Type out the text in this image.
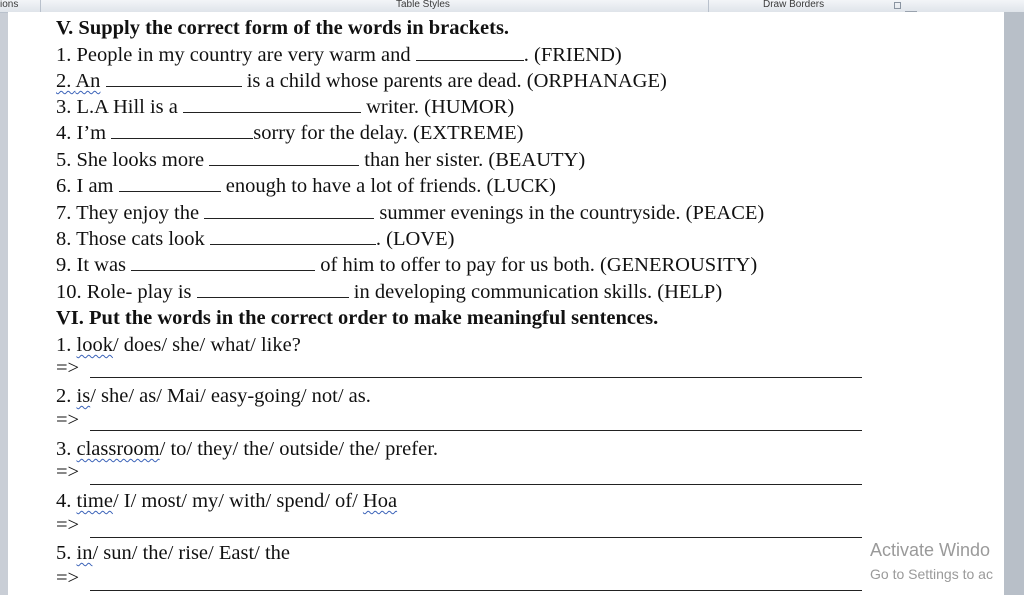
ions	Table Styles	Draw Borders
V. Supply the correct form of the words in brackets.
1. People in my country are very warm and	. (FRIEND)
2. An	is a child whose parents are dead. (ORPHANAGE)
3. L.A Hill is a	writer. (HUMOR)
4. I’m	sorry for the delay. (EXTREME)
5. She looks more	than her sister. (BEAUTY)
6. I am	enough to have a lot of friends. (LUCK)
7. They enjoy the	summer evenings in the countryside. (PEACE)
8. Those cats look	. (LOVE)
9. It was	of him to offer to pay for us both. (GENEROUSITY)
10. Role- play is	in developing communication skills. (HELP)
VI. Put the words in the correct order to make meaningful sentences.
1. look/ does/ she/ what/ like?
=>
2. is/ she/ as/ Mai/ easy-going/ not/ as.
=>
3. classroom/ to/ they/ the/ outside/ the/ prefer.
=>
4. time/ I/ most/ my/ with/ spend/ of/ Hoa
=>
5. in/ sun/ the/ rise/ East/ the
=>
Activate Windo
Go to Settings to ac
